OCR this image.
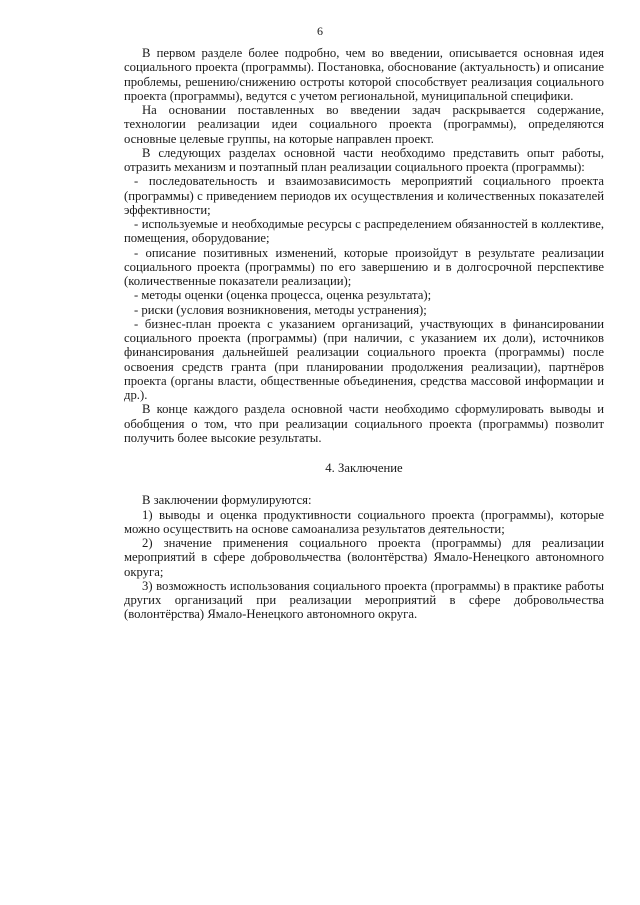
6

В первом разделе более подробно, чем во введении, описывается основная идея социального проекта (программы). Постановка, обоснование (актуальность) и описание проблемы, решению/снижению остроты которой способствует реализация социального проекта (программы), ведутся с учетом региональной, муниципальной специфики.

На основании поставленных во введении задач раскрывается содержание, технологии реализации идеи социального проекта (программы), определяются основные целевые группы, на которые направлен проект.

В следующих разделах основной части необходимо представить опыт работы, отразить механизм и поэтапный план реализации социального проекта (программы):

- последовательность и взаимозависимость мероприятий социального проекта (программы) с приведением периодов их осуществления и количественных показателей эффективности;

- используемые и необходимые ресурсы с распределением обязанностей в коллективе, помещения, оборудование;

- описание позитивных изменений, которые произойдут в результате реализации социального проекта (программы) по его завершению и в долгосрочной перспективе (количественные показатели реализации);

- методы оценки (оценка процесса, оценка результата);

- риски (условия возникновения, методы устранения);

- бизнес-план проекта с указанием организаций, участвующих в финансировании социального проекта (программы) (при наличии, с указанием их доли), источников финансирования дальнейшей реализации социального проекта (программы) после освоения средств гранта (при планировании продолжения реализации), партнёров проекта (органы власти, общественные объединения, средства массовой информации и др.).

В конце каждого раздела основной части необходимо сформулировать выводы и обобщения о том, что при реализации социального проекта (программы) позволит получить более высокие результаты.

4. Заключение

В заключении формулируются:

1) выводы и оценка продуктивности социального проекта (программы), которые можно осуществить на основе самоанализа результатов деятельности;

2) значение применения социального проекта (программы) для реализации мероприятий в сфере добровольчества (волонтёрства) Ямало-Ненецкого автономного округа;

3) возможность использования социального проекта (программы) в практике работы других организаций при реализации мероприятий в сфере добровольчества (волонтёрства) Ямало-Ненецкого автономного округа.
